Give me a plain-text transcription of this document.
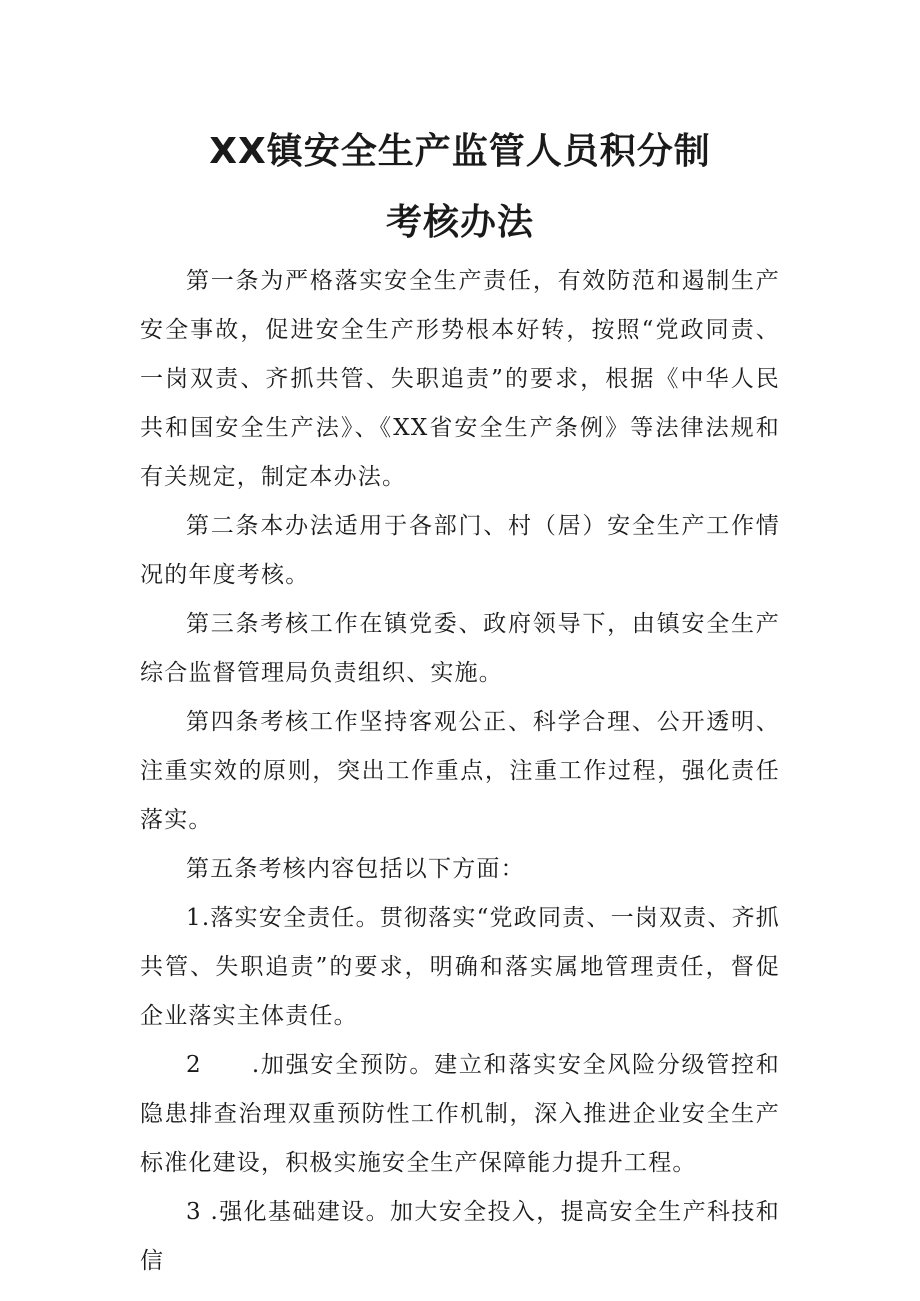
XX镇安全生产监管人员积分制
考核办法

第一条为严格落实安全生产责任，有效防范和遏制生产安全事故，促进安全生产形势根本好转，按照“党政同责、一岗双责、齐抓共管、失职追责”的要求，根据《中华人民共和国安全生产法》、《XX省安全生产条例》等法律法规和有关规定，制定本办法。

第二条本办法适用于各部门、村（居）安全生产工作情况的年度考核。

第三条考核工作在镇党委、政府领导下，由镇安全生产综合监督管理局负责组织、实施。

第四条考核工作坚持客观公正、科学合理、公开透明、注重实效的原则，突出工作重点，注重工作过程，强化责任落实。

第五条考核内容包括以下方面：

1.落实安全责任。贯彻落实“党政同责、一岗双责、齐抓共管、失职追责”的要求，明确和落实属地管理责任，督促企业落实主体责任。

2　　.加强安全预防。建立和落实安全风险分级管控和隐患排查治理双重预防性工作机制，深入推进企业安全生产标准化建设，积极实施安全生产保障能力提升工程。

3 .强化基础建设。加大安全投入，提高安全生产科技和信
